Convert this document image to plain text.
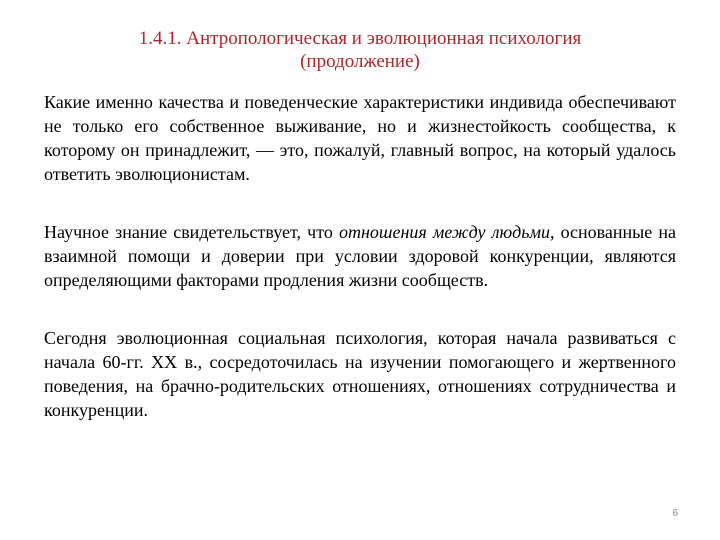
1.4.1. Антропологическая и эволюционная психология
(продолжение)

Какие именно качества и поведенческие характеристики индивида обеспечивают не только его собственное выживание, но и жизнестойкость сообщества, к которому он принадлежит, — это, пожалуй, главный вопрос, на который удалось ответить эволюционистам.

Научное знание свидетельствует, что отношения между людьми, основанные на взаимной помощи и доверии при условии здоровой конкуренции, являются определяющими факторами продления жизни сообществ.

Сегодня эволюционная социальная психология, которая начала развиваться с начала 60-гг. XX в., сосредоточилась на изучении помогающего и жертвенного поведения, на брачно-родительских отношениях, отношениях сотрудничества и конкуренции.

6
